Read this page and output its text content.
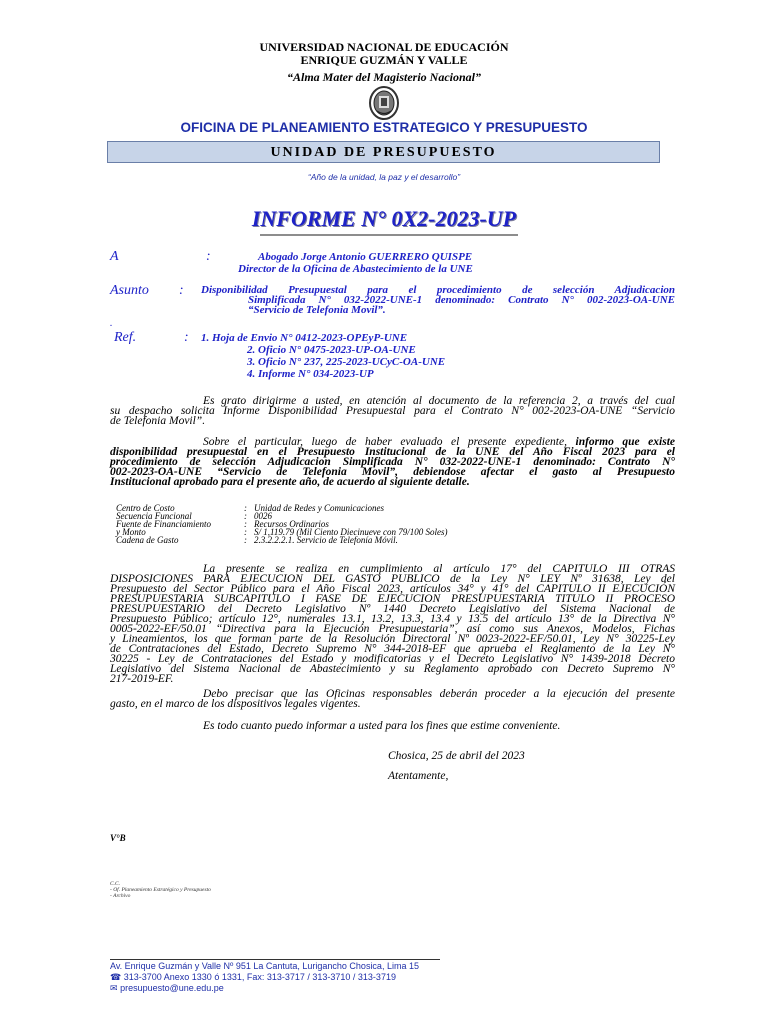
UNIVERSIDAD NACIONAL DE EDUCACIÓN
ENRIQUE GUZMÁN Y VALLE
“Alma Mater del Magisterio Nacional”
OFICINA DE PLANEAMIENTO ESTRATEGICO Y PRESUPUESTO
UNIDAD DE PRESUPUESTO
“Año de la unidad, la paz y el desarrollo”
INFORME N° 0X2-2023-UP
A	:	Abogado Jorge Antonio GUERRERO QUISPE
Director de la Oficina de Abastecimiento de la UNE
Asunto : Disponibilidad Presupuestal para el procedimiento de selección Adjudicacion
Simplificada N° 032-2022-UNE-1 denominado: Contrato N° 002-2023-OA-UNE
“Servicio de Telefonia Movil”.
.
Ref.	: 1. Hoja de Envio N° 0412-2023-OPEyP-UNE
2. Oficio N° 0475-2023-UP-OA-UNE
3. Oficio N° 237, 225-2023-UCyC-OA-UNE
4. Informe N° 034-2023-UP
Es grato dirigirme a usted, en atención al documento de la referencia 2, a través del cual
su despacho solicita Informe Disponibilidad Presupuestal para el Contrato N° 002-2023-OA-UNE “Servicio
de Telefonia Movil”.
Sobre el particular, luego de haber evaluado el presente expediente, informo que existe
disponibilidad presupuestal en el Presupuesto Institucional de la UNE del Año Fiscal 2023 para el
procedimiento de selección Adjudicacion Simplificada N° 032-2022-UNE-1 denominado: Contrato N°
002-2023-OA-UNE “Servicio de Telefonia Movil”, debiendose afectar el gasto al Presupuesto
Institucional aprobado para el presente año, de acuerdo al siguiente detalle.
Centro de Costo	: Unidad de Redes y Comunicaciones
Secuencia Funcional	: 0026
Fuente de Financiamiento	: Recursos Ordinarios
y Monto	: S/ 1,119.79 (Mil Ciento Diecinueve con 79/100 Soles)
Cadena de Gasto	: 2.3.2.2.2.1. Servicio de Telefonía Móvil.
La presente se realiza en cumplimiento al artículo 17° del CAPITULO III OTRAS
DISPOSICIONES PARA EJECUCION DEL GASTO PUBLICO de la Ley N° LEY Nº 31638, Ley del
Presupuesto del Sector Público para el Año Fiscal 2023, artículos 34° y 41° del CAPITULO II EJECUCIÓN
PRESUPUESTARIA SUBCAPITULO I FASE DE EJECUCION PRESUPUESTARIA TITULO II PROCESO
PRESUPUESTARIO del Decreto Legislativo Nº 1440 Decreto Legislativo del Sistema Nacional de
Presupuesto Público; artículo 12°, numerales 13.1, 13.2, 13.3, 13.4 y 13.5 del artículo 13° de la Directiva N°
0005-2022-EF/50.01 “Directiva para la Ejecución Presupuestaria”, así como sus Anexos, Modelos, Fichas
y Lineamientos, los que forman parte de la Resolución Directoral Nº 0023-2022-EF/50.01, Ley N° 30225-Ley
de Contrataciones del Estado, Decreto Supremo N° 344-2018-EF que aprueba el Reglamento de la Ley N°
30225 - Ley de Contrataciones del Estado y modificatorias y el Decreto Legislativo N° 1439-2018 Decreto
Legislativo del Sistema Nacional de Abastecimiento y su Reglamento aprobado con Decreto Supremo N°
217-2019-EF.
Debo precisar que las Oficinas responsables deberán proceder a la ejecución del presente
gasto, en el marco de los dispositivos legales vigentes.
Es todo cuanto puedo informar a usted para los fines que estime conveniente.
Chosica, 25 de abril del 2023
Atentamente,
V°B
C.C.
- Of. Planeamiento Estratégico y Presupuesto
- Archivo
Av. Enrique Guzmán y Valle Nº 951 La Cantuta, Lurigancho Chosica, Lima 15
☎ 313-3700 Anexo 1330 ó 1331, Fax: 313-3717 / 313-3710 / 313-3719
✉ presupuesto@une.edu.pe
